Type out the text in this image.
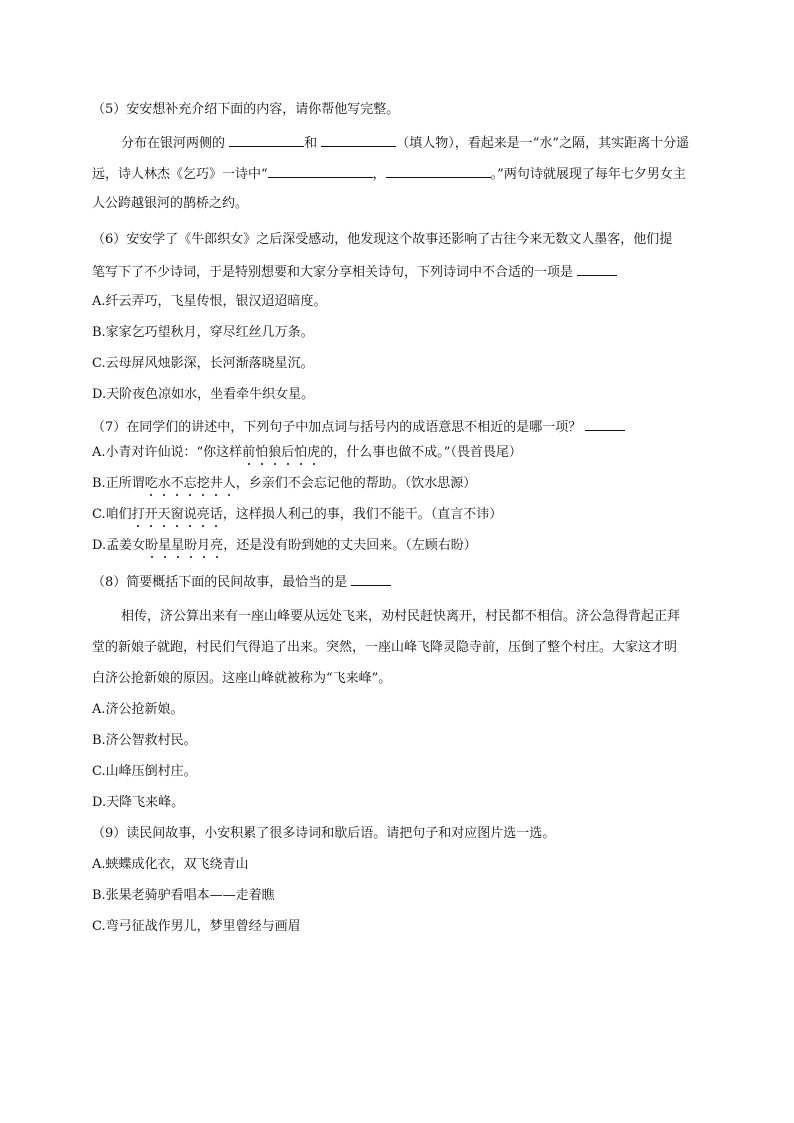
（5）安安想补充介绍下面的内容，请你帮他写完整。
分布在银河两侧的	和	（填人物），看起来是一“水”之隔，其实距离十分遥
远，诗人林杰《乞巧》一诗中“	，	。”两句诗就展现了每年七夕男女主
人公跨越银河的鹊桥之约。
（6）安安学了《牛郎织女》之后深受感动，他发现这个故事还影响了古往今来无数文人墨客，他们提
笔写下了不少诗词，于是特别想要和大家分享相关诗句，下列诗词中不合适的一项是
A.纤云弄巧，飞星传恨，银汉迢迢暗度。
B.家家乞巧望秋月，穿尽红丝几万条。
C.云母屏风烛影深，长河渐落晓星沉。
D.天阶夜色凉如水，坐看牵牛织女星。
（7）在同学们的讲述中，下列句子中加点词与括号内的成语意思不相近的是哪一项？
A.小青对许仙说：“你这样前怕狼后怕虎的，什么事也做不成。”（畏首畏尾）
B.正所谓吃水不忘挖井人，乡亲们不会忘记他的帮助。（饮水思源）
C.咱们打开天窗说亮话，这样损人利己的事，我们不能干。（直言不讳）
D.孟姜女盼星星盼月亮，还是没有盼到她的丈夫回来。（左顾右盼）
（8）简要概括下面的民间故事，最恰当的是
相传，济公算出来有一座山峰要从远处飞来，劝村民赶快离开，村民都不相信。济公急得背起正拜
堂的新娘子就跑，村民们气得追了出来。突然，一座山峰飞降灵隐寺前，压倒了整个村庄。大家这才明
白济公抢新娘的原因。这座山峰就被称为“飞来峰”。
A.济公抢新娘。
B.济公智救村民。
C.山峰压倒村庄。
D.天降飞来峰。
（9）读民间故事，小安积累了很多诗词和歇后语。请把句子和对应图片选一选。
A.蛱蝶成化衣，双飞绕青山
B.张果老骑驴看唱本——走着瞧
C.弯弓征战作男儿，梦里曾经与画眉
